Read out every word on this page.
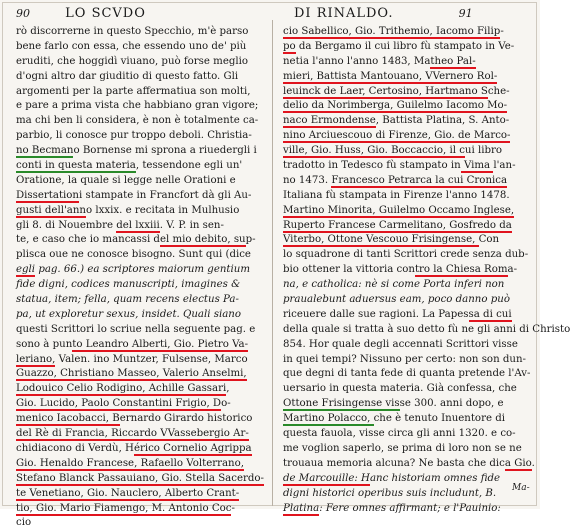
90	LO SCVDO	DI RINALDO.	91
rò discorrerne in questo Specchio, m'è parso
bene farlo con essa, che essendo uno de' più
eruditi, che hoggidì viuano, può forse meglio
d'ogni altro dar giuditio di questo fatto. Gli
argomenti per la parte affermatiua son molti,
e pare a prima vista che habbiano gran vigore;
ma chi ben li considera, è non è totalmente ca-
parbio, li conosce pur troppo deboli. Christia-
no Becmano Bornense mi sprona a riuedergli i
conti in questa materia, tessendone egli un'
Oratione, la quale si legge nelle Orationi e
Dissertationi stampate in Francfort dà gli Au-
gusti dell'anno lxxix. e recitata in Mulhusio
gli 8. di Nouembre del lxxiii. V. P. in sen-
te, e caso che io mancassi del mio debito, sup-
plisca oue ne conosce bisogno. Sunt qui (dice
egli pag. 66.) ea scriptores maiorum gentium
fide digni, codices manuscripti, imagines &
statua, item; fella, quam recens electus Pa-
pa, ut exploretur sexus, insidet. Quali siano
questi Scrittori lo scriue nella seguente pag. e
sono à punto Leandro Alberti, Gio. Pietro Va-
leriano, Valen. ino Muntzer, Fulsense, Marco
Guazzo, Christiano Masseo, Valerio Anselmi,
Lodouico Celio Rodigino, Achille Gassari,
Gio. Lucido, Paolo Constantini Frigio, Do-
menico Iacobacci, Bernardo Girardo historico
del Rè di Francia, Riccardo VVassebergio Ar-
chidiacono di Verdù, Hérico Cornelio Agrippa
Gio. Henaldo Francese, Rafaello Volterrano,
Stefano Blanck Passauiano, Gio. Stella Sacerdo-
te Venetiano, Gio. Nauclero, Alberto Crant-
tio, Gio. Mario Fiamengo, M. Antonio Coc-
cio
cio Sabellico, Gio. Trithemio, Iacomo Filip-
po da Bergamo il cui libro fù stampato in Ve-
netia l'anno l'anno 1483, Matheo Pal-
mieri, Battista Mantouano, VVernero Rol-
leuinck de Laer, Certosino, Hartmano Sche-
delio da Norimberga, Guilelmo Iacomo Mo-
naco Ermondense, Battista Platina, S. Anto-
nino Arciuescouo di Firenze, Gio. de Marco-
ville, Gio. Huss, Gio. Boccaccio, il cui libro
tradotto in Tedesco fù stampato in Vima l'an-
no 1473. Francesco Petrarca la cui Cronica
Italiana fù stampata in Firenze l'anno 1478.
Martino Minorita, Guilelmo Occamo Inglese,
Ruperto Francese Carmelitano, Gosfredo da
Viterbo, Ottone Vescouo Frisingense, Con
lo squadrone di tanti Scrittori crede senza dub-
bio ottener la vittoria contro la Chiesa Roma-
na, e catholica: nè si come Porta inferi non
praualebunt aduersus eam, poco danno può
riceuere dalle sue ragioni. La Papessa di cui
della quale si tratta à suo detto fù ne gli anni di Christo
854. Hor quale degli accennati Scrittori visse
in quei tempi? Nissuno per certo: non son dun-
que degni di tanta fede di quanta pretende l'Av-
uersario in questa materia. Già confessa, che
Ottone Frisingense visse 300. anni dopo, e
Martino Polacco, che è tenuto Inuentore di
questa fauola, visse circa gli anni 1320. e co-
me voglion saperlo, se prima di loro non se ne
trouaua memoria alcuna? Ne basta che dica Gio.
de Marcouille: Hanc historiam omnes fide
digni historici operibus suis includunt, B.
Platina: Fere omnes affirmant; e l'Pauinio:
Ma-
